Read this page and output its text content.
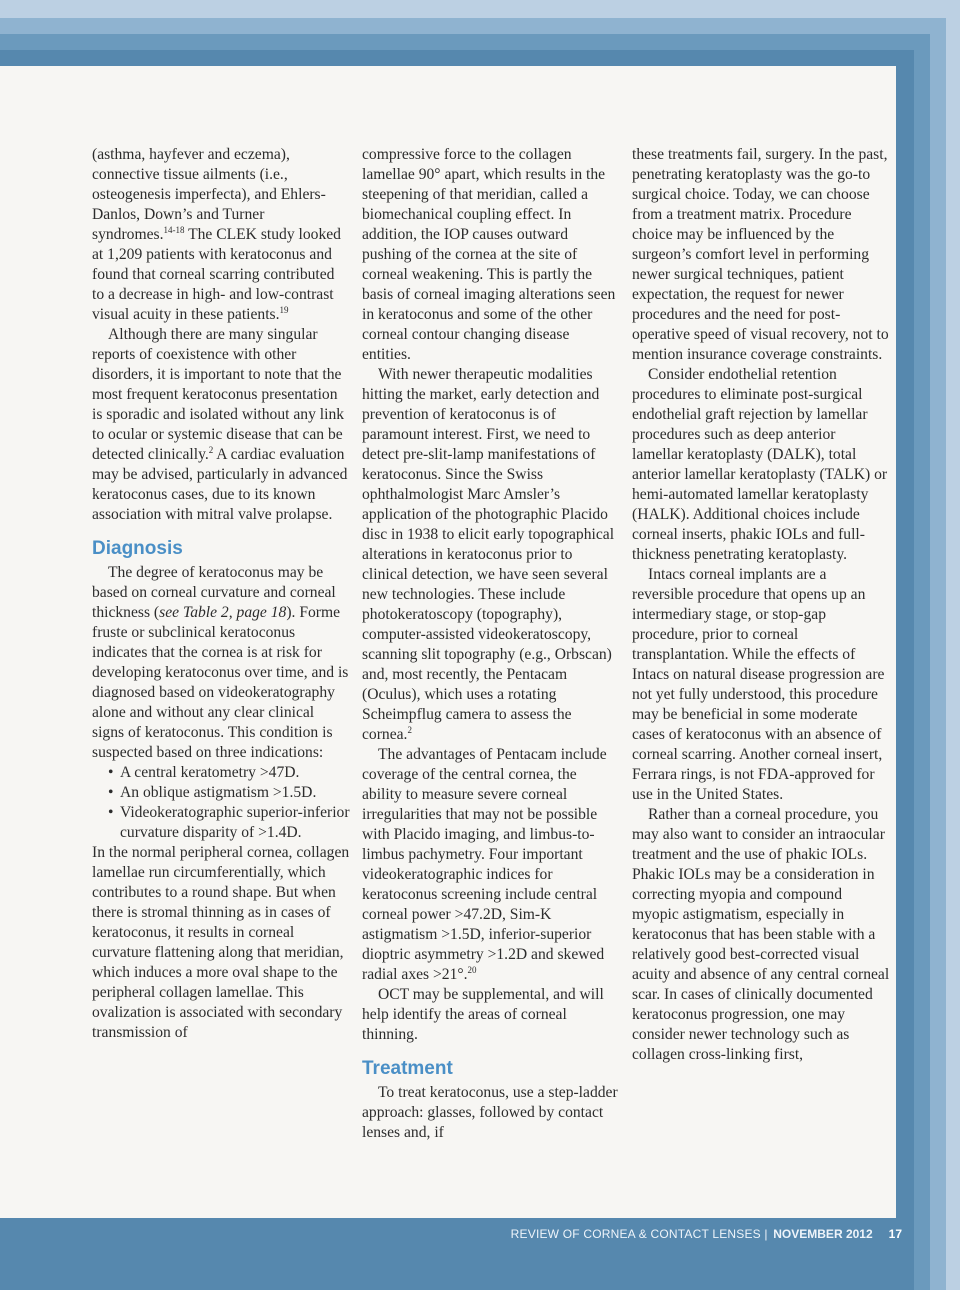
(asthma, hayfever and eczema), connective tissue ailments (i.e., osteogenesis imperfecta), and Ehlers-Danlos, Down’s and Turner syndromes.$^{14-18}$ The CLEK study looked at 1,209 patients with keratoconus and found that corneal scarring contributed to a decrease in high- and low-contrast visual acuity in these patients.$^{19}$

Although there are many singular reports of coexistence with other disorders, it is important to note that the most frequent keratoconus presentation is sporadic and isolated without any link to ocular or systemic disease that can be detected clinically.$^2$ A cardiac evaluation may be advised, particularly in advanced keratoconus cases, due to its known association with mitral valve prolapse.

Diagnosis

The degree of keratoconus may be based on corneal curvature and corneal thickness (see Table 2, page 18). Forme fruste or subclinical keratoconus indicates that the cornea is at risk for developing keratoconus over time, and is diagnosed based on videokeratography alone and without any clear clinical signs of keratoconus. This condition is suspected based on three indications:

• A central keratometry >47D.
• An oblique astigmatism >1.5D.
• Videokeratographic superior-inferior curvature disparity of >1.4D.

In the normal peripheral cornea, collagen lamellae run circumferentially, which contributes to a round shape. But when there is stromal thinning as in cases of keratoconus, it results in corneal curvature flattening along that meridian, which induces a more oval shape to the peripheral collagen lamellae. This ovalization is associated with secondary transmission of

compressive force to the collagen lamellae 90° apart, which results in the steepening of that meridian, called a biomechanical coupling effect. In addition, the IOP causes outward pushing of the cornea at the site of corneal weakening. This is partly the basis of corneal imaging alterations seen in keratoconus and some of the other corneal contour changing disease entities.

With newer therapeutic modalities hitting the market, early detection and prevention of keratoconus is of paramount interest. First, we need to detect pre-slit-lamp manifestations of keratoconus. Since the Swiss ophthalmologist Marc Amsler’s application of the photographic Placido disc in 1938 to elicit early topographical alterations in keratoconus prior to clinical detection, we have seen several new technologies. These include photokeratoscopy (topography), computer-assisted videokeratoscopy, scanning slit topography (e.g., Orbscan) and, most recently, the Pentacam (Oculus), which uses a rotating Scheimpflug camera to assess the cornea.$^2$

The advantages of Pentacam include coverage of the central cornea, the ability to measure severe corneal irregularities that may not be possible with Placido imaging, and limbus-to-limbus pachymetry. Four important videokeratographic indices for keratoconus screening include central corneal power >47.2D, Sim-K astigmatism >1.5D, inferior-superior dioptric asymmetry >1.2D and skewed radial axes >21°.$^{20}$

OCT may be supplemental, and will help identify the areas of corneal thinning.

Treatment

To treat keratoconus, use a step-ladder approach: glasses, followed by contact lenses and, if

these treatments fail, surgery. In the past, penetrating keratoplasty was the go-to surgical choice. Today, we can choose from a treatment matrix. Procedure choice may be influenced by the surgeon’s comfort level in performing newer surgical techniques, patient expectation, the request for newer procedures and the need for post-operative speed of visual recovery, not to mention insurance coverage constraints.

Consider endothelial retention procedures to eliminate post-surgical endothelial graft rejection by lamellar procedures such as deep anterior lamellar keratoplasty (DALK), total anterior lamellar keratoplasty (TALK) or hemi-automated lamellar keratoplasty (HALK). Additional choices include corneal inserts, phakic IOLs and full-thickness penetrating keratoplasty.

Intacs corneal implants are a reversible procedure that opens up an intermediary stage, or stop-gap procedure, prior to corneal transplantation. While the effects of Intacs on natural disease progression are not yet fully understood, this procedure may be beneficial in some moderate cases of keratoconus with an absence of corneal scarring. Another corneal insert, Ferrara rings, is not FDA-approved for use in the United States.

Rather than a corneal procedure, you may also want to consider an intraocular treatment and the use of phakic IOLs. Phakic IOLs may be a consideration in correcting myopia and compound myopic astigmatism, especially in keratoconus that has been stable with a relatively good best-corrected visual acuity and absence of any central corneal scar. In cases of clinically documented keratoconus progression, one may consider newer technology such as collagen cross-linking first,

REVIEW OF CORNEA & CONTACT LENSES | NOVEMBER 2012 17
